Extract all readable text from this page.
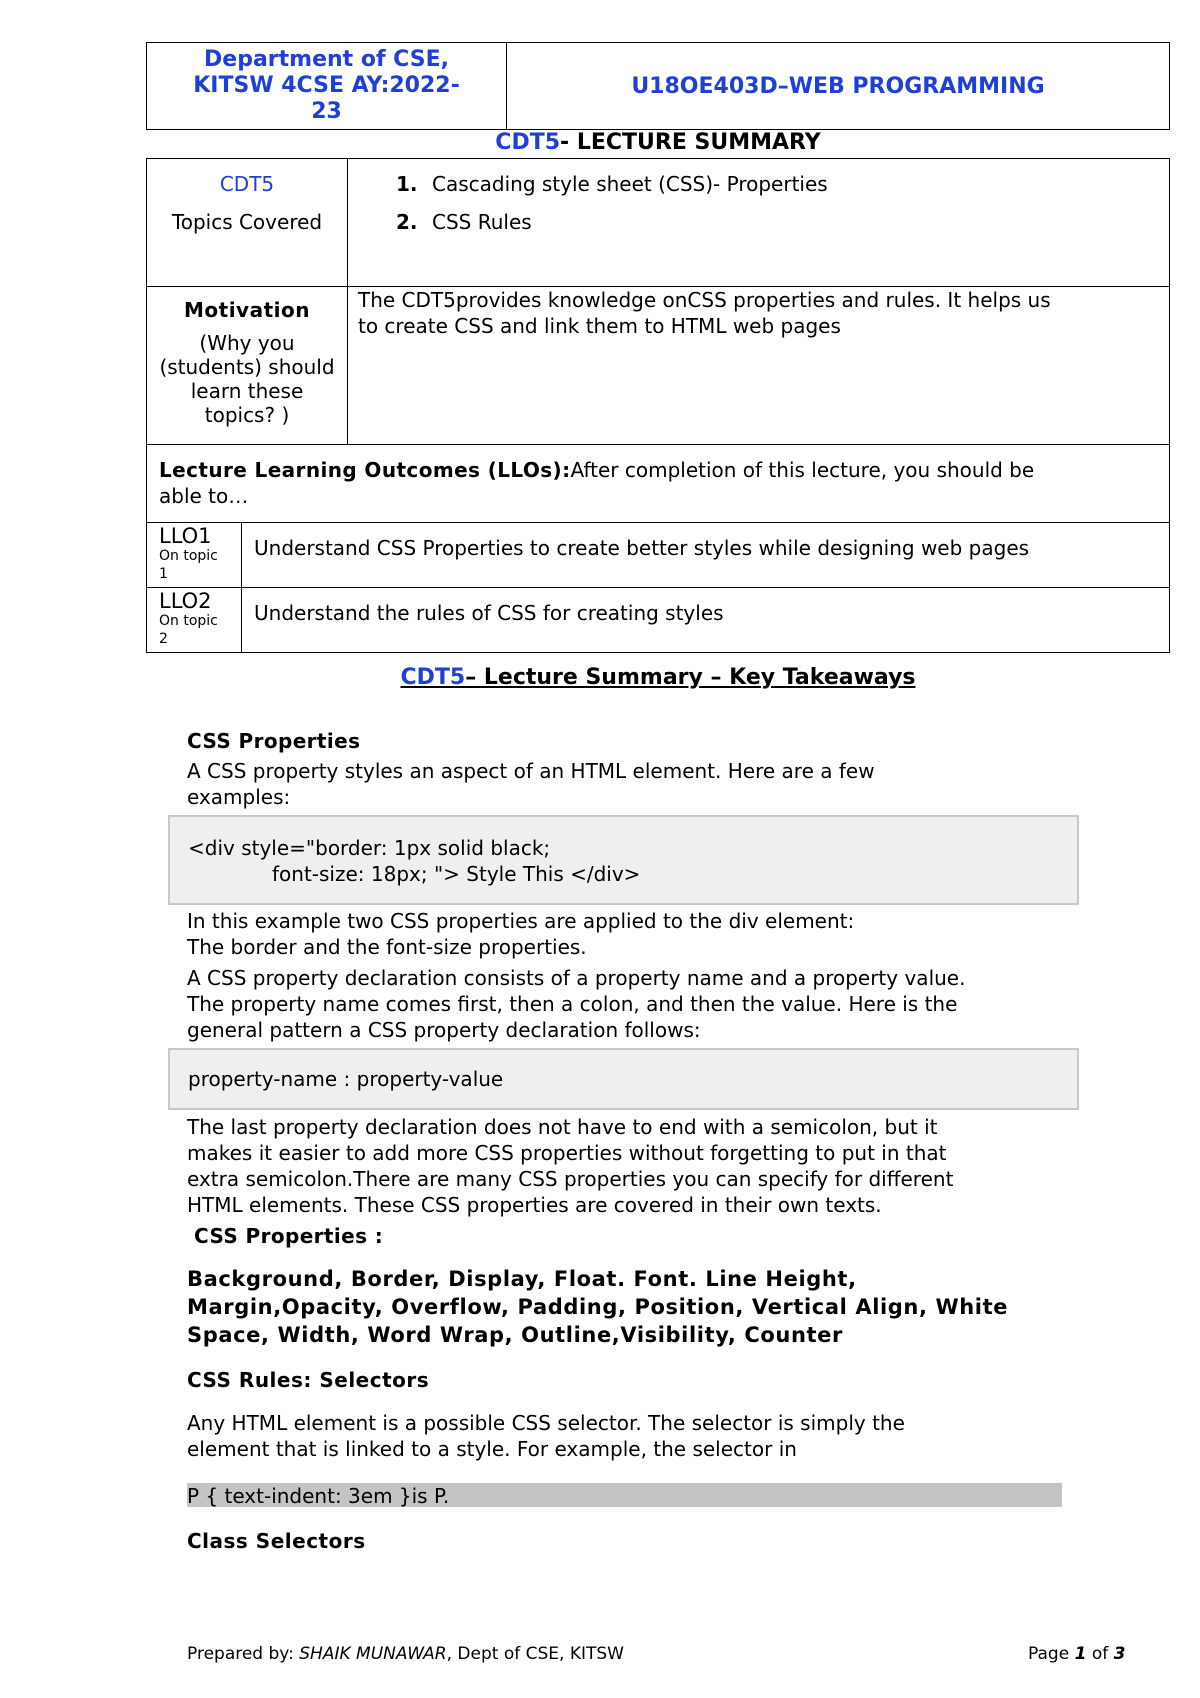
Department of CSE,
KITSW 4CSE AY:2022-
23
U18OE403D–WEB PROGRAMMING
CDT5- LECTURE SUMMARY
CDT5
Topics Covered
1. Cascading style sheet (CSS)- Properties
2. CSS Rules
Motivation
(Why you
(students) should
learn these
topics? )
The CDT5provides knowledge onCSS properties and rules. It helps us
to create CSS and link them to HTML web pages
Lecture Learning Outcomes (LLOs):After completion of this lecture, you should be
able to…
LLO1
On topic
1
Understand CSS Properties to create better styles while designing web pages
LLO2
On topic
2
Understand the rules of CSS for creating styles
CDT5– Lecture Summary – Key Takeaways
CSS Properties
A CSS property styles an aspect of an HTML element. Here are a few
examples:
<div style="border: 1px solid black;
font-size: 18px; "> Style This </div>
In this example two CSS properties are applied to the div element:
The border and the font-size properties.
A CSS property declaration consists of a property name and a property value.
The property name comes first, then a colon, and then the value. Here is the
general pattern a CSS property declaration follows:
property-name : property-value
The last property declaration does not have to end with a semicolon, but it
makes it easier to add more CSS properties without forgetting to put in that
extra semicolon.There are many CSS properties you can specify for different
HTML elements. These CSS properties are covered in their own texts.
CSS Properties :
Background, Border, Display, Float. Font. Line Height,
Margin,Opacity, Overflow, Padding, Position, Vertical Align, White
Space, Width, Word Wrap, Outline,Visibility, Counter
CSS Rules: Selectors
Any HTML element is a possible CSS selector. The selector is simply the
element that is linked to a style. For example, the selector in
P { text-indent: 3em }is P.
Class Selectors
Prepared by: SHAIK MUNAWAR, Dept of CSE, KITSW	Page 1 of 3
